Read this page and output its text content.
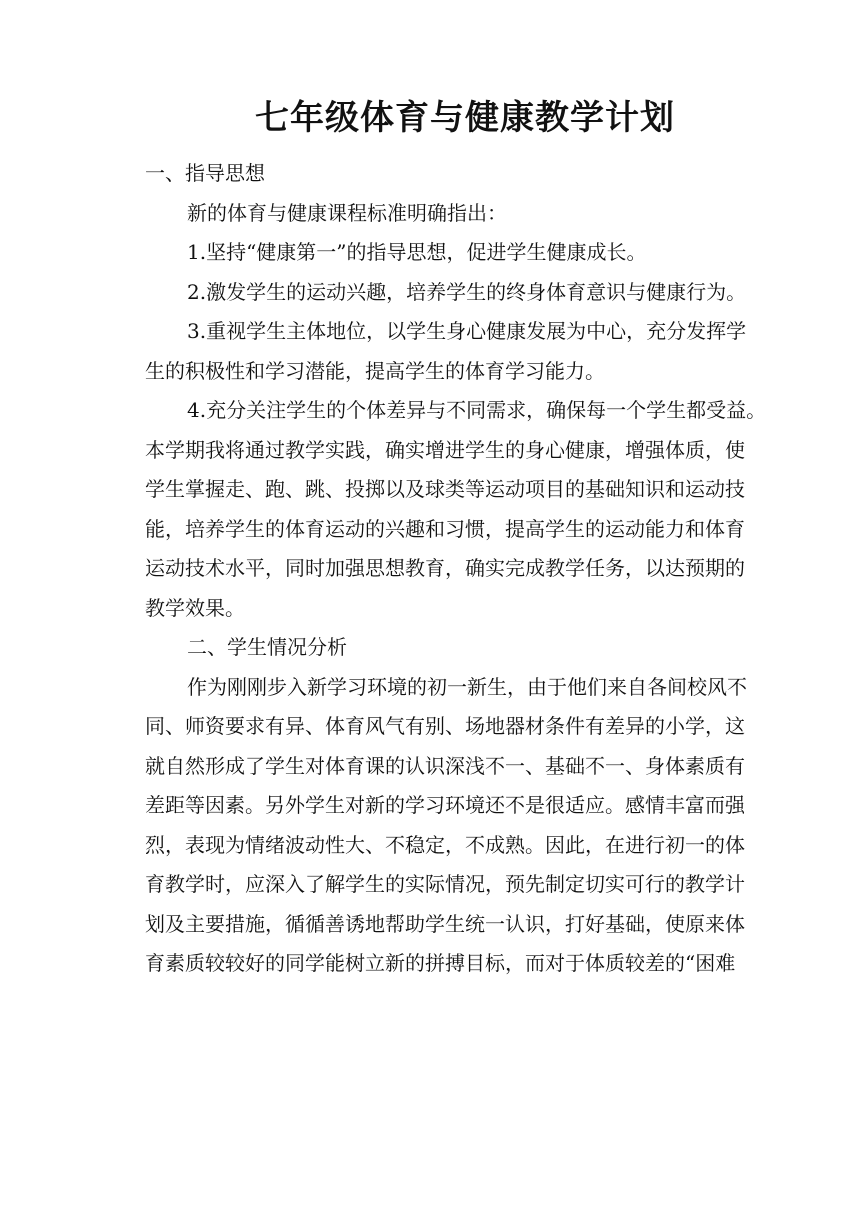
七年级体育与健康教学计划
一、指导思想
新的体育与健康课程标准明确指出：
1.坚持“健康第一”的指导思想，促进学生健康成长。
2.激发学生的运动兴趣，培养学生的终身体育意识与健康行为。
3.重视学生主体地位，以学生身心健康发展为中心，充分发挥学
生的积极性和学习潜能，提高学生的体育学习能力。
4.充分关注学生的个体差异与不同需求，确保每一个学生都受益。
本学期我将通过教学实践，确实增进学生的身心健康，增强体质，使
学生掌握走、跑、跳、投掷以及球类等运动项目的基础知识和运动技
能，培养学生的体育运动的兴趣和习惯，提高学生的运动能力和体育
运动技术水平，同时加强思想教育，确实完成教学任务，以达预期的
教学效果。
二、学生情况分析
作为刚刚步入新学习环境的初一新生，由于他们来自各间校风不
同、师资要求有异、体育风气有别、场地器材条件有差异的小学，这
就自然形成了学生对体育课的认识深浅不一、基础不一、身体素质有
差距等因素。另外学生对新的学习环境还不是很适应。感情丰富而强
烈，表现为情绪波动性大、不稳定，不成熟。因此，在进行初一的体
育教学时，应深入了解学生的实际情况，预先制定切实可行的教学计
划及主要措施，循循善诱地帮助学生统一认识，打好基础，使原来体
育素质较较好的同学能树立新的拼搏目标，而对于体质较差的“困难
